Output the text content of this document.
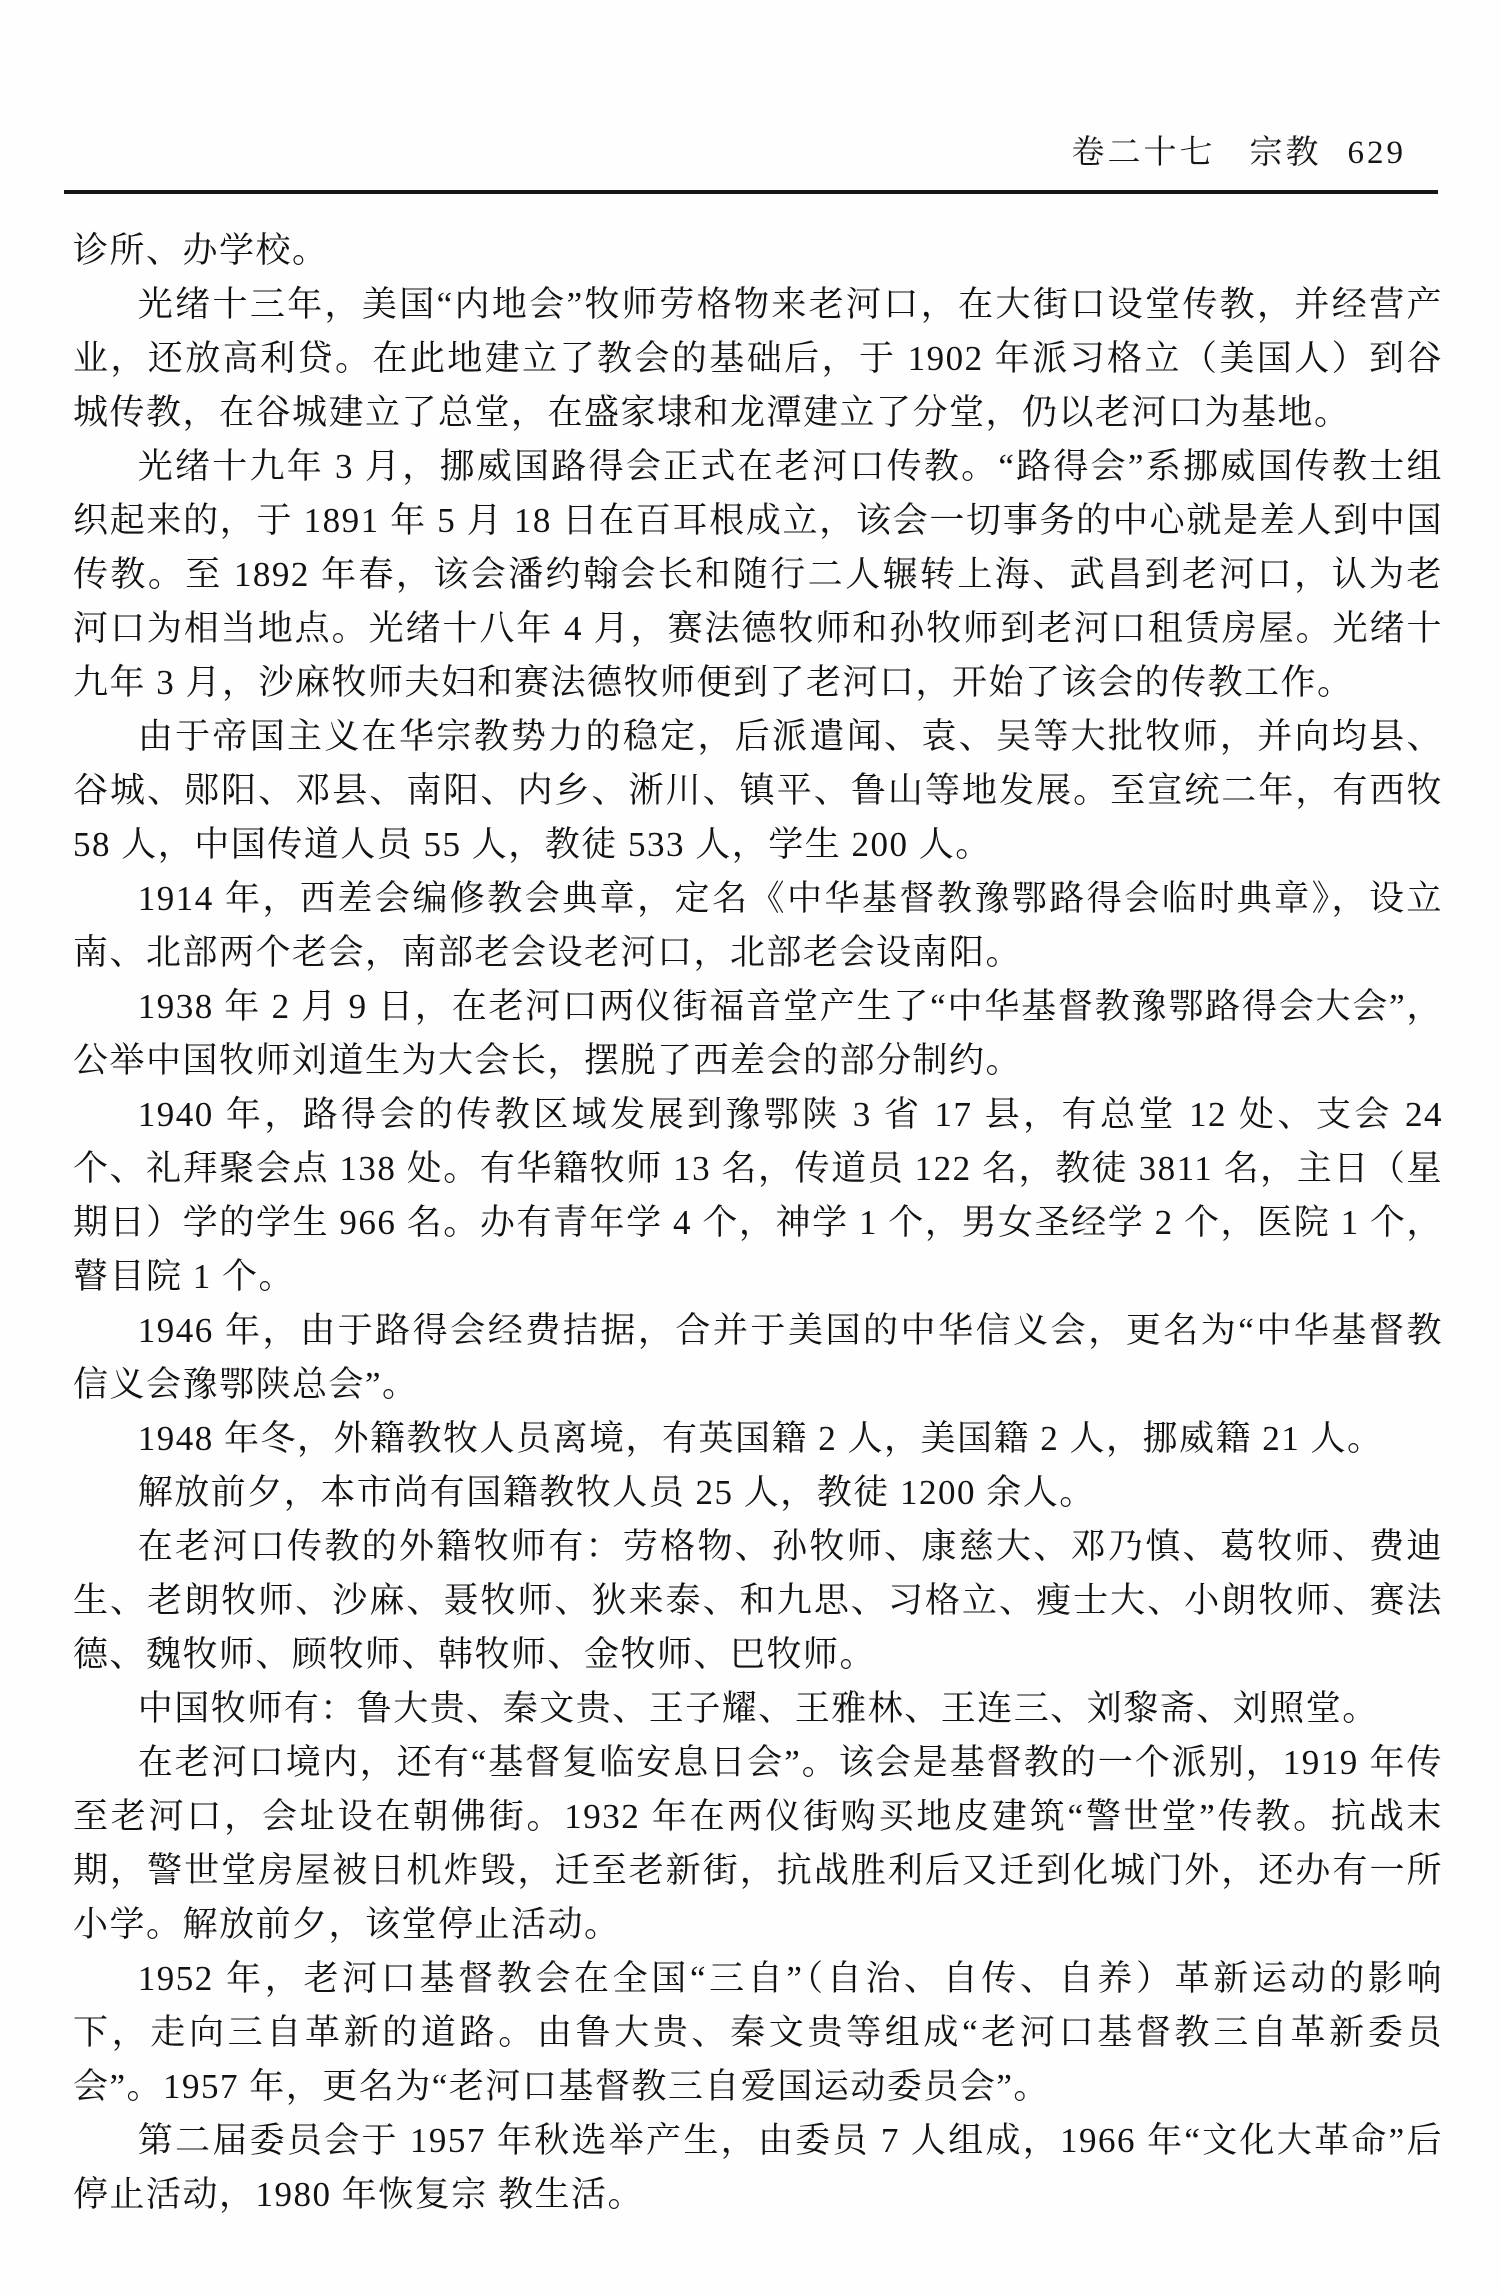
卷二十七 宗教 629

诊所、办学校。

光绪十三年，美国“内地会”牧师劳格物来老河口，在大街口设堂传教，并经营产业，还放高利贷。在此地建立了教会的基础后，于 1902 年派习格立（美国人）到谷城传教，在谷城建立了总堂，在盛家埭和龙潭建立了分堂，仍以老河口为基地。

光绪十九年 3 月，挪威国路得会正式在老河口传教。“路得会”系挪威国传教士组织起来的，于 1891 年 5 月 18 日在百耳根成立，该会一切事务的中心就是差人到中国传教。至 1892 年春，该会潘约翰会长和随行二人辗转上海、武昌到老河口，认为老河口为相当地点。光绪十八年 4 月，赛法德牧师和孙牧师到老河口租赁房屋。光绪十九年 3 月，沙麻牧师夫妇和赛法德牧师便到了老河口，开始了该会的传教工作。

由于帝国主义在华宗教势力的稳定，后派遣闻、袁、吴等大批牧师，并向均县、谷城、郧阳、邓县、南阳、内乡、淅川、镇平、鲁山等地发展。至宣统二年，有西牧 58 人，中国传道人员 55 人，教徒 533 人，学生 200 人。

1914 年，西差会编修教会典章，定名《中华基督教豫鄂路得会临时典章》，设立南、北部两个老会，南部老会设老河口，北部老会设南阳。

1938 年 2 月 9 日，在老河口两仪街福音堂产生了“中华基督教豫鄂路得会大会”，公举中国牧师刘道生为大会长，摆脱了西差会的部分制约。

1940 年，路得会的传教区域发展到豫鄂陕 3 省 17 县，有总堂 12 处、支会 24 个、礼拜聚会点 138 处。有华籍牧师 13 名，传道员 122 名，教徒 3811 名，主日（星期日）学的学生 966 名。办有青年学 4 个，神学 1 个，男女圣经学 2 个，医院 1 个，瞽目院 1 个。

1946 年，由于路得会经费拮据，合并于美国的中华信义会，更名为“中华基督教信义会豫鄂陕总会”。

1948 年冬，外籍教牧人员离境，有英国籍 2 人，美国籍 2 人，挪威籍 21 人。

解放前夕，本市尚有国籍教牧人员 25 人，教徒 1200 余人。

在老河口传教的外籍牧师有：劳格物、孙牧师、康慈大、邓乃慎、葛牧师、费迪生、老朗牧师、沙麻、聂牧师、狄来泰、和九思、习格立、瘦士大、小朗牧师、赛法德、魏牧师、顾牧师、韩牧师、金牧师、巴牧师。

中国牧师有：鲁大贵、秦文贵、王子耀、王雅林、王连三、刘黎斋、刘照堂。

在老河口境内，还有“基督复临安息日会”。该会是基督教的一个派别，1919 年传至老河口，会址设在朝佛街。1932 年在两仪街购买地皮建筑“警世堂”传教。抗战末期，警世堂房屋被日机炸毁，迁至老新街，抗战胜利后又迁到化城门外，还办有一所小学。解放前夕，该堂停止活动。

1952 年，老河口基督教会在全国“三自”（自治、自传、自养）革新运动的影响下，走向三自革新的道路。由鲁大贵、秦文贵等组成“老河口基督教三自革新委员会”。1957 年，更名为“老河口基督教三自爱国运动委员会”。

第二届委员会于 1957 年秋选举产生，由委员 7 人组成，1966 年“文化大革命”后停止活动，1980 年恢复宗 教生活。
